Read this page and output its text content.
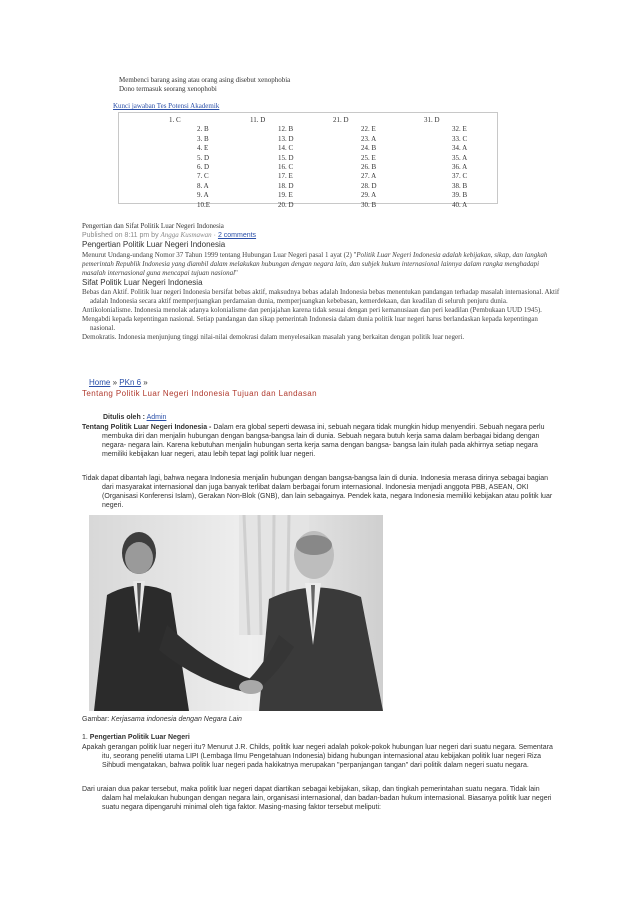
Membenci barang asing atau orang asing disebut xenophobia
Dono termasuk seorang xenophobi
Kunci jawaban Tes Potensi Akademik
1. C
2. B
3. B
4. E
5. D
6. D
7. C
8. A
9. A
10.E
11. D
12. B
13. D
14. C
15. D
16. C
17. E
18. D
19. E
20. D
21. D
22. E
23. A
24. B
25. E
26. B
27. A
28. D
29. A
30. B
31. D
32. E
33. C
34. A
35. A
36. A
37. C
38. B
39. B
40. A
Pengertian dan Sifat Politik Luar Negeri Indonesia
Published on 8:11 pm by Angga Kusmawan · 2 comments
Pengertian Politik Luar Negeri Indonesia

Menurut Undang-undang Nomor 37 Tahun 1999 tentang Hubungan Luar Negeri pasal 1 ayat (2) "Politik Luar Negeri Indonesia adalah kebijakan, sikap, dan langkah pemerintah Republik Indonesia yang diambil dalam melakukan hubungan dengan negara lain, dan subjek hukum internasional lainnya dalam rangka menghadapi masalah internasional guna mencapai tujuan nasional"

Sifat Politik Luar Negeri Indonesia

Bebas dan Aktif. Politik luar negeri Indonesia bersifat bebas aktif, maksudnya bebas adalah Indonesia bebas menentukan pandangan terhadap masalah internasional. Aktif adalah Indonesia secara aktif memperjuangkan perdamaian dunia, memperjuangkan kebebasan, kemerdekaan, dan keadilan di seluruh penjuru dunia.

Antikolonialisme. Indonesia menolak adanya kolonialisme dan penjajahan karena tidak sesuai dengan peri kemanusiaan dan peri keadilan (Pembukaan UUD 1945).

Mengabdi kepada kepentingan nasional. Setiap pandangan dan sikap pemerintah Indonesia dalam dunia politik luar negeri harus berlandaskan kepada kepentingan nasional.

Demokratis. Indonesia menjunjung tinggi nilai-nilai demokrasi dalam menyelesaikan masalah yang berkaitan dengan politik luar negeri.

Home » PKn 6 »
Tentang Politik Luar Negeri Indonesia Tujuan dan Landasan
Ditulis oleh : Admin

Tentang Politik Luar Negeri Indonesia - Dalam era global seperti dewasa ini, sebuah negara tidak mungkin hidup menyendiri. Sebuah negara perlu membuka diri dan menjalin hubungan dengan bangsa-bangsa lain di dunia. Sebuah negara butuh kerja sama dalam berbagai bidang dengan negara- negara lain. Karena kebutuhan menjalin hubungan serta kerja sama dengan bangsa- bangsa lain itulah pada akhirnya setiap negara memiliki kebijakan luar negeri, atau lebih tepat lagi politik luar negeri.

Tidak dapat dibantah lagi, bahwa negara Indonesia menjalin hubungan dengan bangsa-bangsa lain di dunia. Indonesia merasa dirinya sebagai bagian dari masyarakat internasional dan juga banyak terlibat dalam berbagai forum internasional. Indonesia menjadi anggota PBB, ASEAN, OKI (Organisasi Konferensi Islam), Gerakan Non-Blok (GNB), dan lain sebagainya. Pendek kata, negara Indonesia memiliki kebijakan atau politik luar negeri.

Gambar: Kerjasama indonesia dengan Negara Lain
1. Pengertian Politik Luar Negeri

Apakah gerangan politik luar negeri itu? Menurut J.R. Childs, politik luar negeri adalah pokok-pokok hubungan luar negeri dari suatu negara. Sementara itu, seorang peneliti utama LIPI (Lembaga Ilmu Pengetahuan Indonesia) bidang hubungan internasional atau kebijakan politik luar negeri Riza Sihbudi mengatakan, bahwa politik luar negeri pada hakikatnya merupakan "perpanjangan tangan" dari politik dalam negeri suatu negara.

Dari uraian dua pakar tersebut, maka politik luar negeri dapat diartikan sebagai kebijakan, sikap, dan tingkah pemerintahan suatu negara. Tidak lain dalam hal melakukan hubungan dengan negara lain, organisasi internasional, dan badan-badan hukum internasional. Biasanya politik luar negeri suatu negara dipengaruhi minimal oleh tiga faktor. Masing-masing faktor tersebut meliputi:
